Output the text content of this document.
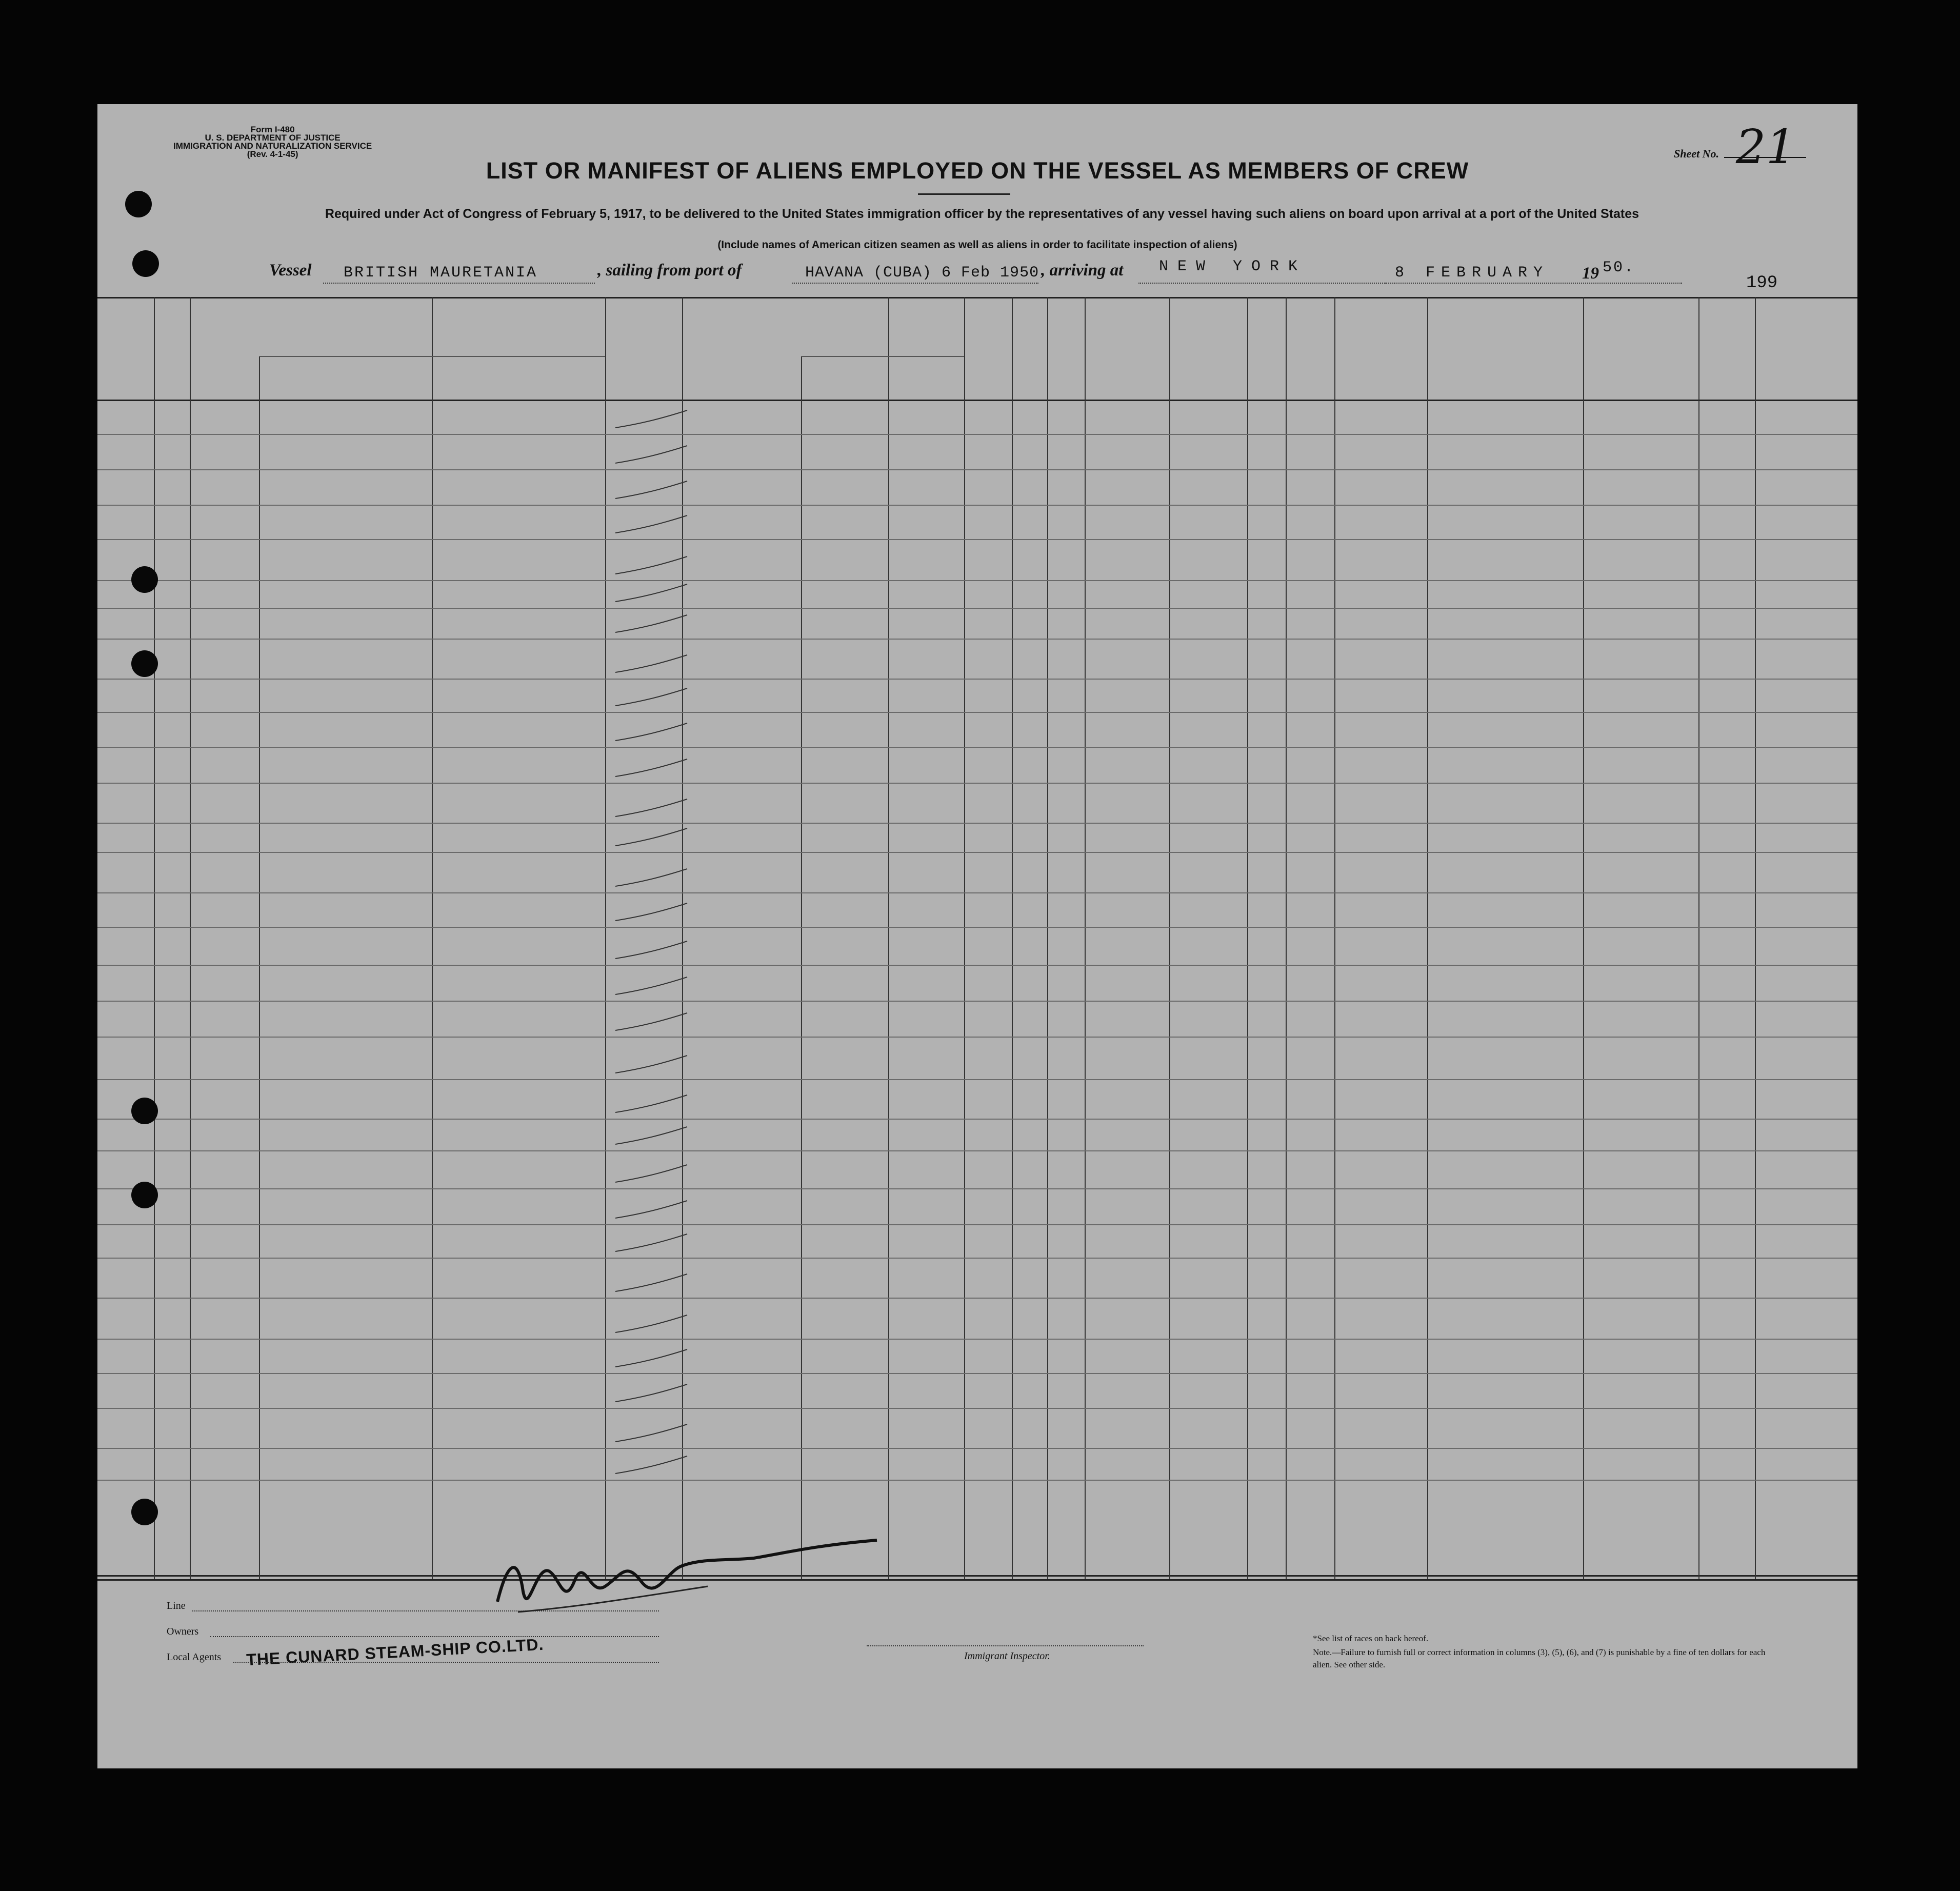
Form I-480
U. S. DEPARTMENT OF JUSTICE
IMMIGRATION AND NATURALIZATION SERVICE
(Rev. 4-1-45)	Sheet No. 21
LIST OR MANIFEST OF ALIENS EMPLOYED ON THE VESSEL AS MEMBERS OF CREW
Required under Act of Congress of February 5, 1917, to be delivered to the United States immigration officer by the representatives of any vessel having such aliens on board upon arrival at a port of the United States
(Include names of American citizen seamen as well as aliens in order to facilitate inspection of aliens)
Vessel BRITISH MAURETANIA	, sailing from port of	HAVANA (CUBA) 6 Feb 1950 , arriving at NEW YORK	8 FEBRUARY 19 50.
199
Line
Owners
Local Agents THE CUNARD STEAM-SHIP CO.LTD.	Immigrant Inspector.
*See list of races on back hereof.
Note.—Failure to furnish full or correct information in columns (3), (5), (6), and (7) is punishable by a fine of ten dollars for each alien. See other side.
